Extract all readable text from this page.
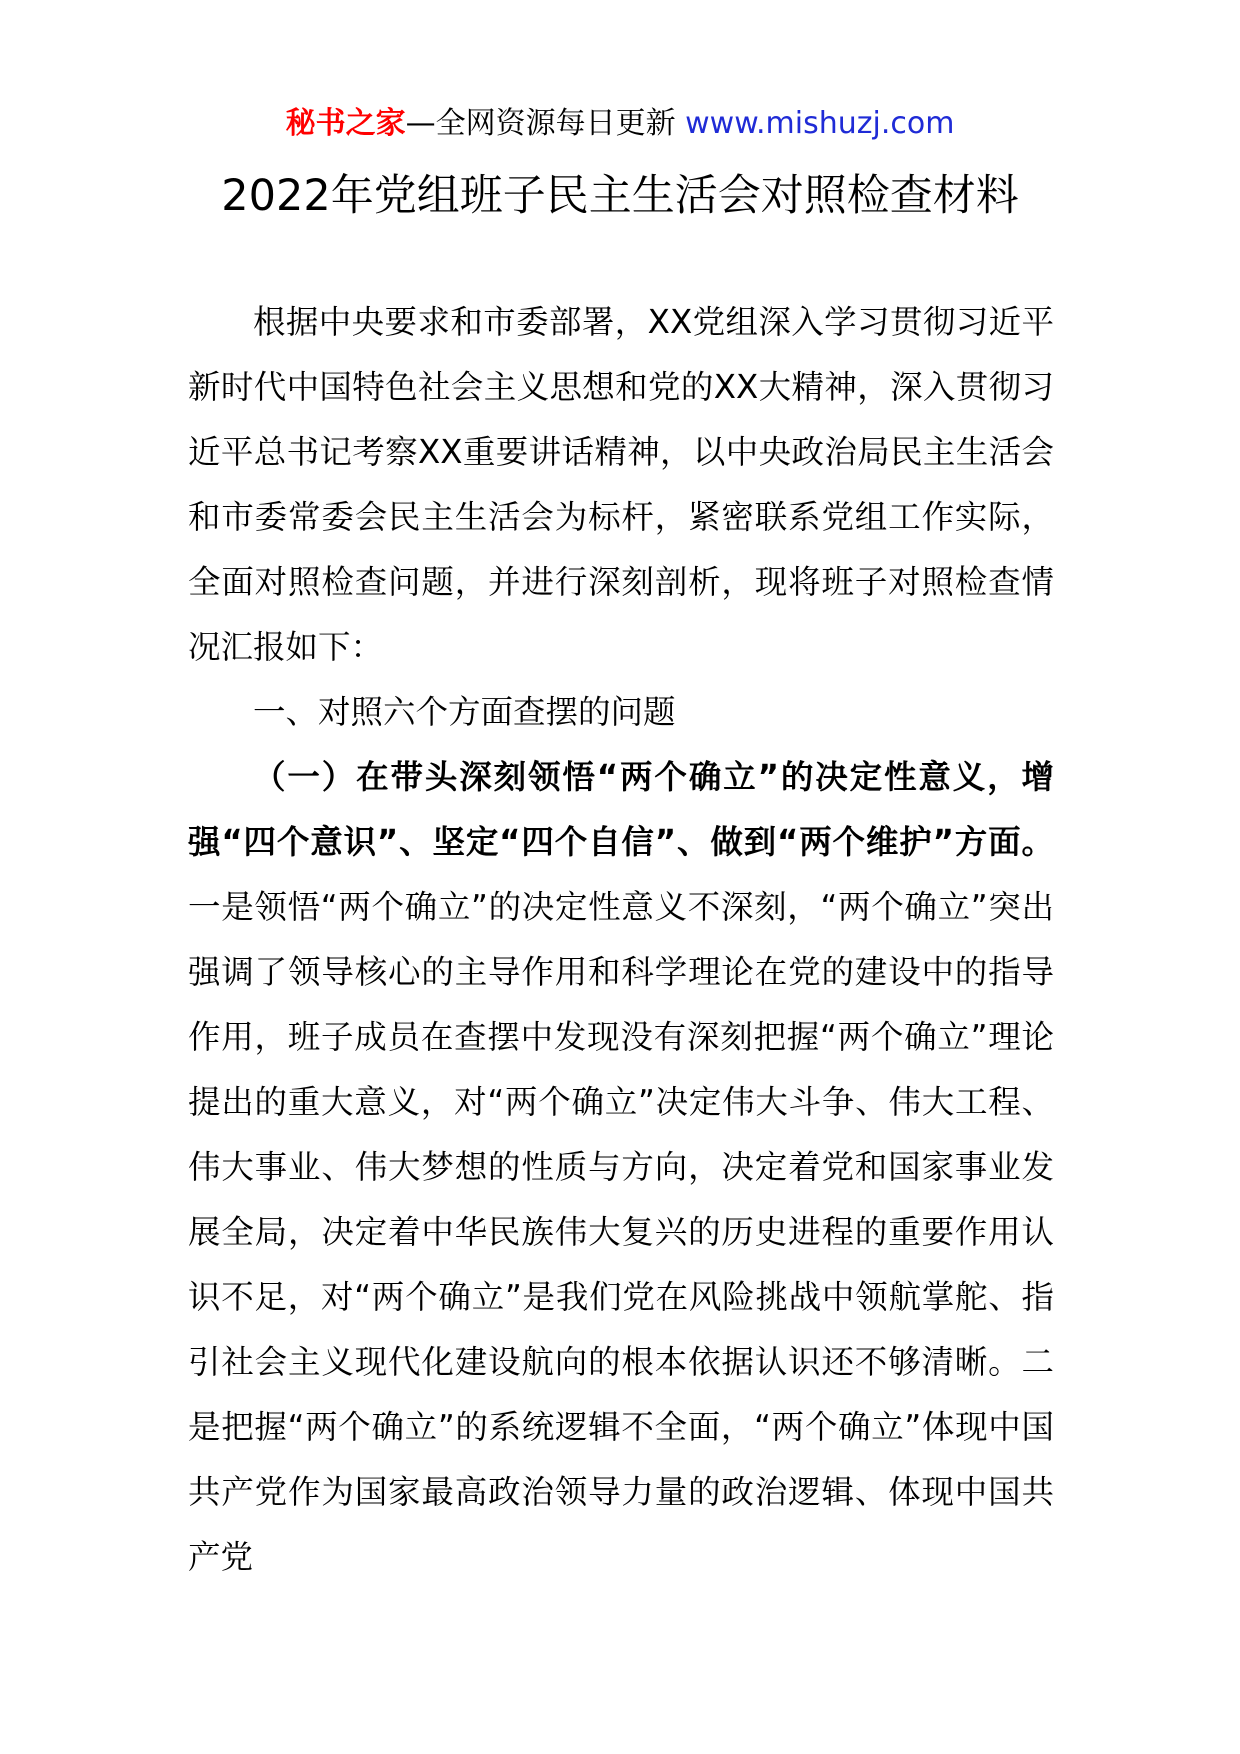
秘书之家—全网资源每日更新 www.mishuzj.com
2022年党组班子民主生活会对照检查材料

根据中央要求和市委部署，XX党组深入学习贯彻习近平新时代中国特色社会主义思想和党的XX大精神，深入贯彻习近平总书记考察XX重要讲话精神，以中央政治局民主生活会和市委常委会民主生活会为标杆，紧密联系党组工作实际，全面对照检查问题，并进行深刻剖析，现将班子对照检查情况汇报如下：

一、对照六个方面查摆的问题

（一）在带头深刻领悟“两个确立”的决定性意义，增强“四个意识”、坚定“四个自信”、做到“两个维护”方面。一是领悟“两个确立”的决定性意义不深刻，“两个确立”突出强调了领导核心的主导作用和科学理论在党的建设中的指导作用，班子成员在查摆中发现没有深刻把握“两个确立”理论提出的重大意义，对“两个确立”决定伟大斗争、伟大工程、伟大事业、伟大梦想的性质与方向，决定着党和国家事业发展全局，决定着中华民族伟大复兴的历史进程的重要作用认识不足，对“两个确立”是我们党在风险挑战中领航掌舵、指引社会主义现代化建设航向的根本依据认识还不够清晰。二是把握“两个确立”的系统逻辑不全面，“两个确立”体现中国共产党作为国家最高政治领导力量的政治逻辑、体现中国共产党
